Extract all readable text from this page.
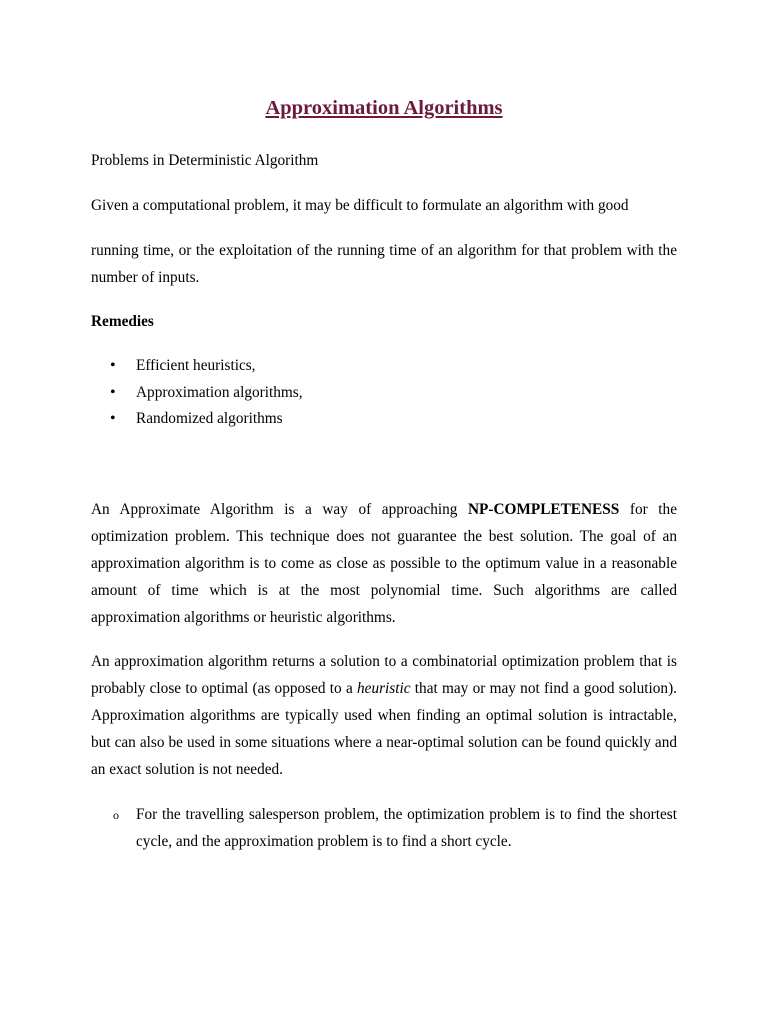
Approximation Algorithms

Problems in Deterministic Algorithm

Given a computational problem, it may be difficult to formulate an algorithm with good

running time, or the exploitation of the running time of an algorithm for that problem with the number of inputs.

Remedies

• Efficient heuristics,
• Approximation algorithms,
• Randomized algorithms

An Approximate Algorithm is a way of approaching NP-COMPLETENESS for the optimization problem. This technique does not guarantee the best solution. The goal of an approximation algorithm is to come as close as possible to the optimum value in a reasonable amount of time which is at the most polynomial time. Such algorithms are called approximation algorithms or heuristic algorithms.

An approximation algorithm returns a solution to a combinatorial optimization problem that is probably close to optimal (as opposed to a heuristic that may or may not find a good solution). Approximation algorithms are typically used when finding an optimal solution is intractable, but can also be used in some situations where a near-optimal solution can be found quickly and an exact solution is not needed.

o For the travelling salesperson problem, the optimization problem is to find the shortest cycle, and the approximation problem is to find a short cycle.
